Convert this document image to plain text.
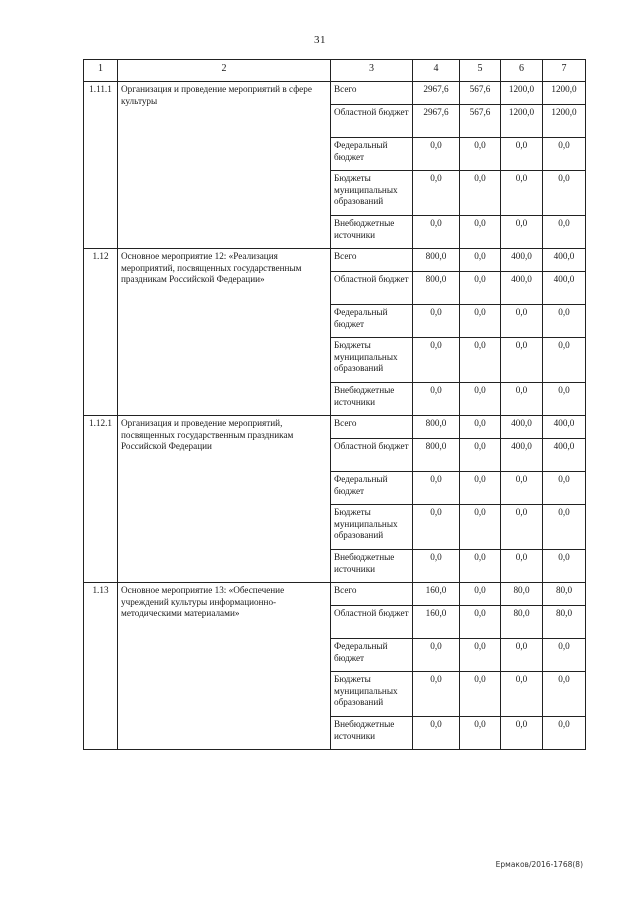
31
1	2	3	4	5	6	7
1.11.1	Организация и проведение мероприятий в сфере культуры	Всего	2967,6	567,6	1200,0	1200,0
		Областной бюджет	2967,6	567,6	1200,0	1200,0
		Федеральный бюджет	0,0	0,0	0,0	0,0
		Бюджеты муниципальных образований	0,0	0,0	0,0	0,0
		Внебюджетные источники	0,0	0,0	0,0	0,0
1.12	Основное мероприятие 12: «Реализация мероприятий, посвященных государственным праздникам Российской Федерации»	Всего	800,0	0,0	400,0	400,0
		Областной бюджет	800,0	0,0	400,0	400,0
		Федеральный бюджет	0,0	0,0	0,0	0,0
		Бюджеты муниципальных образований	0,0	0,0	0,0	0,0
		Внебюджетные источники	0,0	0,0	0,0	0,0
1.12.1	Организация и проведение мероприятий, посвященных государственным праздникам Российской Федерации	Всего	800,0	0,0	400,0	400,0
		Областной бюджет	800,0	0,0	400,0	400,0
		Федеральный бюджет	0,0	0,0	0,0	0,0
		Бюджеты муниципальных образований	0,0	0,0	0,0	0,0
		Внебюджетные источники	0,0	0,0	0,0	0,0
1.13	Основное мероприятие 13: «Обеспечение учреждений культуры информационно-методическими материалами»	Всего	160,0	0,0	80,0	80,0
		Областной бюджет	160,0	0,0	80,0	80,0
		Федеральный бюджет	0,0	0,0	0,0	0,0
		Бюджеты муниципальных образований	0,0	0,0	0,0	0,0
		Внебюджетные источники	0,0	0,0	0,0	0,0
Ермаков/2016-1768(8)
